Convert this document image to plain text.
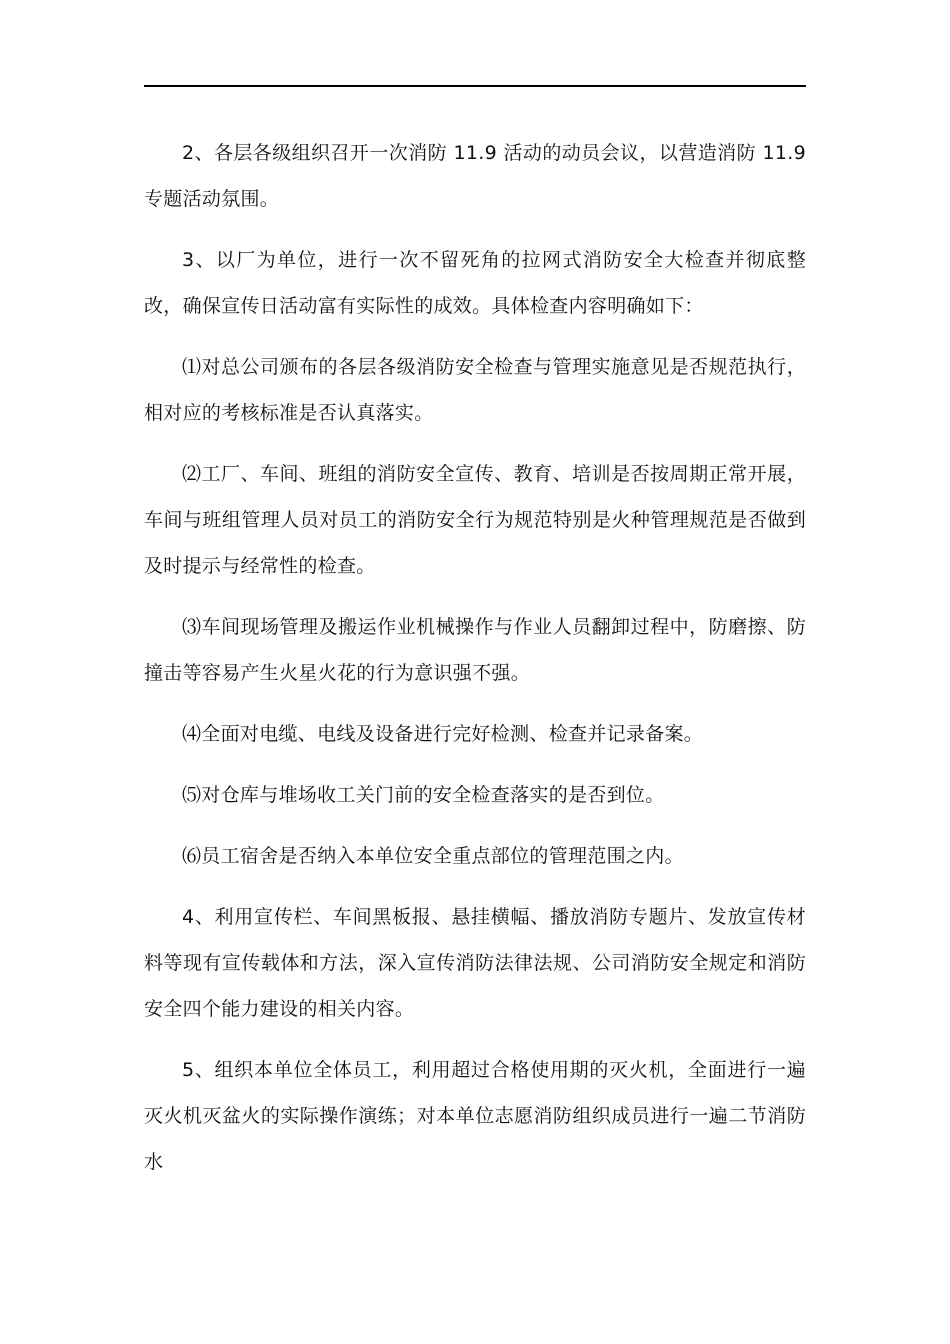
2、各层各级组织召开一次消防 11.9 活动的动员会议，以营造消防 11.9 专题活动氛围。

3、以厂为单位，进行一次不留死角的拉网式消防安全大检查并彻底整改，确保宣传日活动富有实际性的成效。具体检查内容明确如下：

⑴对总公司颁布的各层各级消防安全检查与管理实施意见是否规范执行，相对应的考核标准是否认真落实。

⑵工厂、车间、班组的消防安全宣传、教育、培训是否按周期正常开展，车间与班组管理人员对员工的消防安全行为规范特别是火种管理规范是否做到及时提示与经常性的检查。

⑶车间现场管理及搬运作业机械操作与作业人员翻卸过程中，防磨擦、防撞击等容易产生火星火花的行为意识强不强。

⑷全面对电缆、电线及设备进行完好检测、检查并记录备案。

⑸对仓库与堆场收工关门前的安全检查落实的是否到位。

⑹员工宿舍是否纳入本单位安全重点部位的管理范围之内。

4、利用宣传栏、车间黑板报、悬挂横幅、播放消防专题片、发放宣传材料等现有宣传载体和方法，深入宣传消防法律法规、公司消防安全规定和消防安全四个能力建设的相关内容。

5、组织本单位全体员工，利用超过合格使用期的灭火机，全面进行一遍灭火机灭盆火的实际操作演练；对本单位志愿消防组织成员进行一遍二节消防水
